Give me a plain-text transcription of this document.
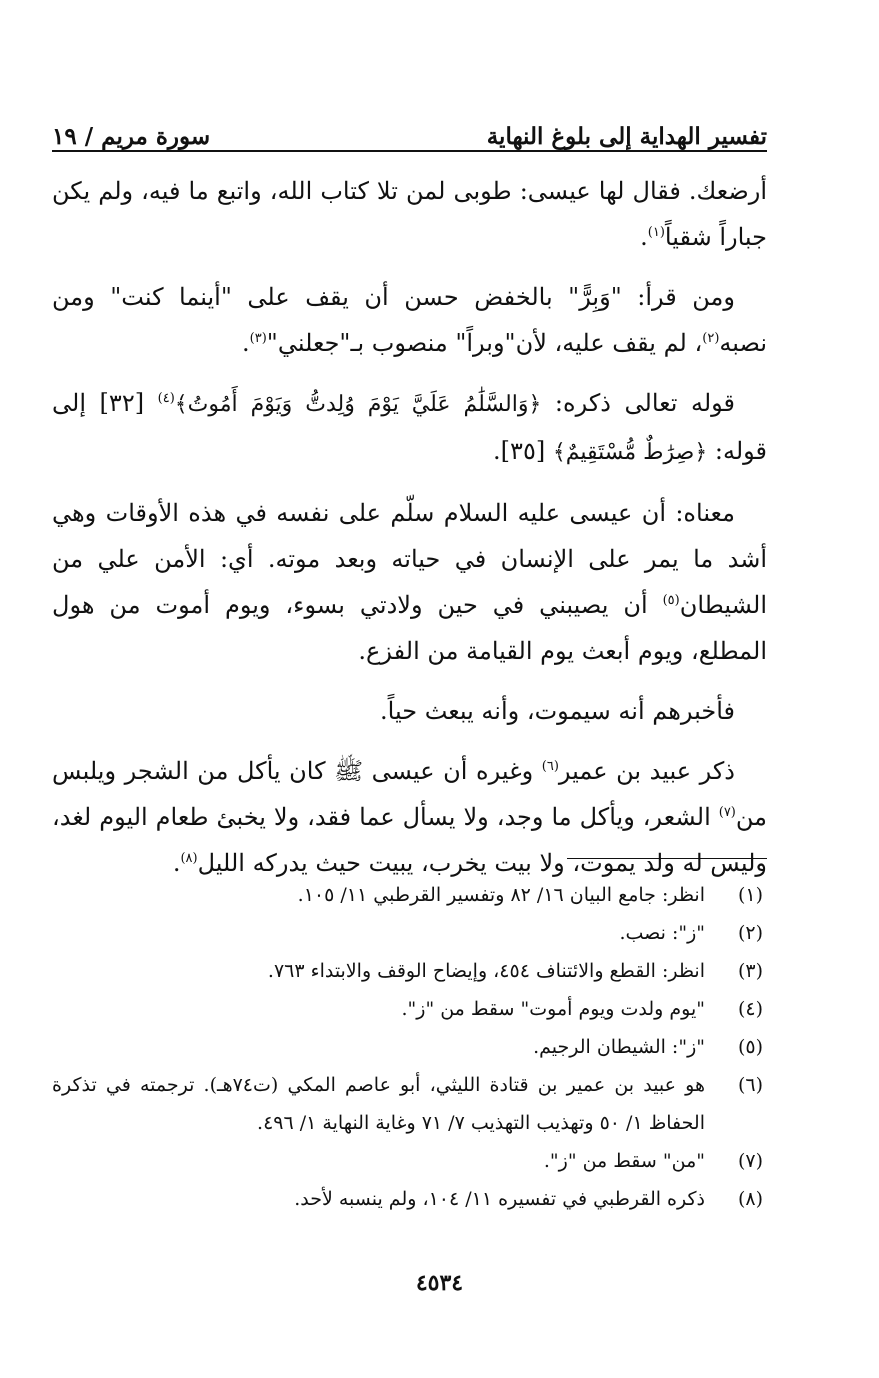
تفسير الهداية إلى بلوغ النهاية
سورة مريم / ١٩

أرضعك. فقال لها عيسى: طوبى لمن تلا كتاب الله، واتبع ما فيه، ولم يكن جباراً شقياً$^{(١)}$.

ومن قرأ: "وَبِرًّ" بالخفض حسن أن يقف على "أينما كنت" ومن نصبه$^{(٢)}$، لم يقف عليه، لأن"وبراً" منصوب بـ"جعلني"$^{(٣)}$.

قوله تعالى ذكره: ﴿وَالسَّلَٰمُ عَلَيَّ يَوْمَ وُلِدتُّ وَيَوْمَ أَمُوتُ﴾$^{(٤)}$ [٣٢] إلى قوله: ﴿صِرَٰطٌ مُّسْتَقِيمٌ﴾ [٣٥].

معناه: أن عيسى عليه السلام سلّم على نفسه في هذه الأوقات وهي أشد ما يمر على الإنسان في حياته وبعد موته. أي: الأمن علي من الشيطان$^{(٥)}$ أن يصيبني في حين ولادتي بسوء، ويوم أموت من هول المطلع، ويوم أبعث يوم القيامة من الفزع.

فأخبرهم أنه سيموت، وأنه يبعث حياً.

ذكر عبيد بن عمير$^{(٦)}$ وغيره أن عيسى ﷺ كان يأكل من الشجر ويلبس من$^{(٧)}$ الشعر، ويأكل ما وجد، ولا يسأل عما فقد، ولا يخبئ طعام اليوم لغد، وليس له ولد يموت، ولا بيت يخرب، يبيت حيث يدركه الليل$^{(٨)}$.

(١)
انظر: جامع البيان ١٦/ ٨٢ وتفسير القرطبي ١١/ ١٠٥.
(٢)
"ز": نصب.
(٣)
انظر: القطع والائتناف ٤٥٤، وإيضاح الوقف والابتداء ٧٦٣.
(٤)
"يوم ولدت ويوم أموت" سقط من "ز".
(٥)
"ز": الشيطان الرجيم.
(٦)
هو عبيد بن عمير بن قتادة الليثي، أبو عاصم المكي (ت٧٤هـ). ترجمته في تذكرة الحفاظ ١/ ٥٠ وتهذيب التهذيب ٧/ ٧١ وغاية النهاية ١/ ٤٩٦.
(٧)
"من" سقط من "ز".
(٨)
ذكره القرطبي في تفسيره ١١/ ١٠٤، ولم ينسبه لأحد.
٤٥٣٤
